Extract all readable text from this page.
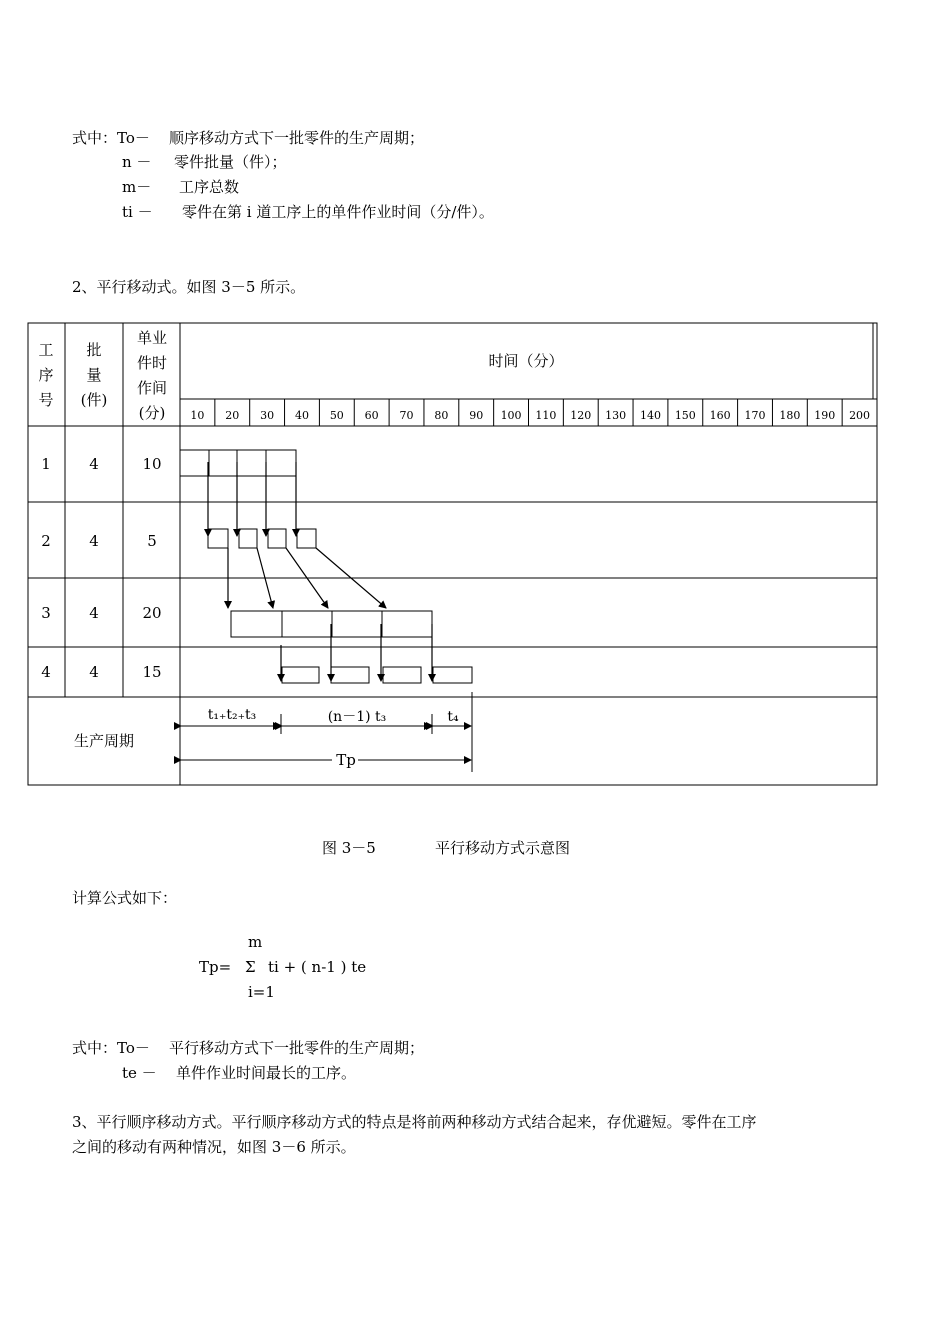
式中：To－ 顺序移动方式下一批零件的生产周期；
n － 零件批量（件）；
m－ 工序总数
ti － 零件在第 i 道工序上的单件作业时间（分/件）。
2、平行移动式。如图 3－5 所示。
10 20 30 40 50 60 70 80 90 100 110 120 130 140 150 160 170 180 190 200
工
序
号
批
量
(件)
单业
件时
作间
(分)
时间（分）
1	4	10
2	4	5
3	4	20
4	4	15
生产周期
t₁₊t₂₊t₃	(n－1) t₃	t₄
Tp
图 3－5	平行移动方式示意图
计算公式如下：
m
Tp= Σ ti + ( n-1 ) te
i=1
式中：To－ 平行移动方式下一批零件的生产周期；
te － 单件作业时间最长的工序。
3、平行顺序移动方式。平行顺序移动方式的特点是将前两种移动方式结合起来，存优避短。零件在工序
之间的移动有两种情况，如图 3－6 所示。
